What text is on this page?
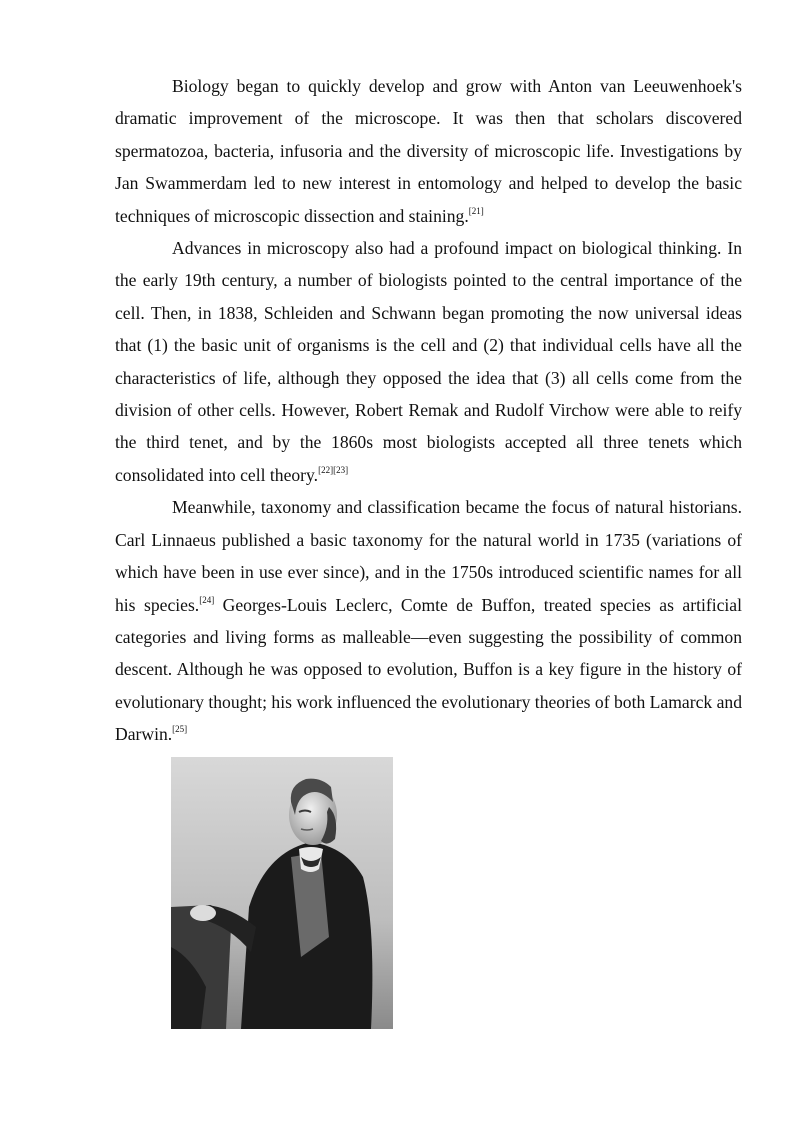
Biology began to quickly develop and grow with Anton van Leeuwenhoek's dramatic improvement of the microscope. It was then that scholars discovered spermatozoa, bacteria, infusoria and the diversity of microscopic life. Investigations by Jan Swammerdam led to new interest in entomology and helped to develop the basic techniques of microscopic dissection and staining.[21]

Advances in microscopy also had a profound impact on biological thinking. In the early 19th century, a number of biologists pointed to the central importance of the cell. Then, in 1838, Schleiden and Schwann began promoting the now universal ideas that (1) the basic unit of organisms is the cell and (2) that individual cells have all the characteristics of life, although they opposed the idea that (3) all cells come from the division of other cells. However, Robert Remak and Rudolf Virchow were able to reify the third tenet, and by the 1860s most biologists accepted all three tenets which consolidated into cell theory.[22][23]

Meanwhile, taxonomy and classification became the focus of natural historians. Carl Linnaeus published a basic taxonomy for the natural world in 1735 (variations of which have been in use ever since), and in the 1750s introduced scientific names for all his species.[24] Georges-Louis Leclerc, Comte de Buffon, treated species as artificial categories and living forms as malleable—even suggesting the possibility of common descent. Although he was opposed to evolution, Buffon is a key figure in the history of evolutionary thought; his work influenced the evolutionary theories of both Lamarck and Darwin.[25]
